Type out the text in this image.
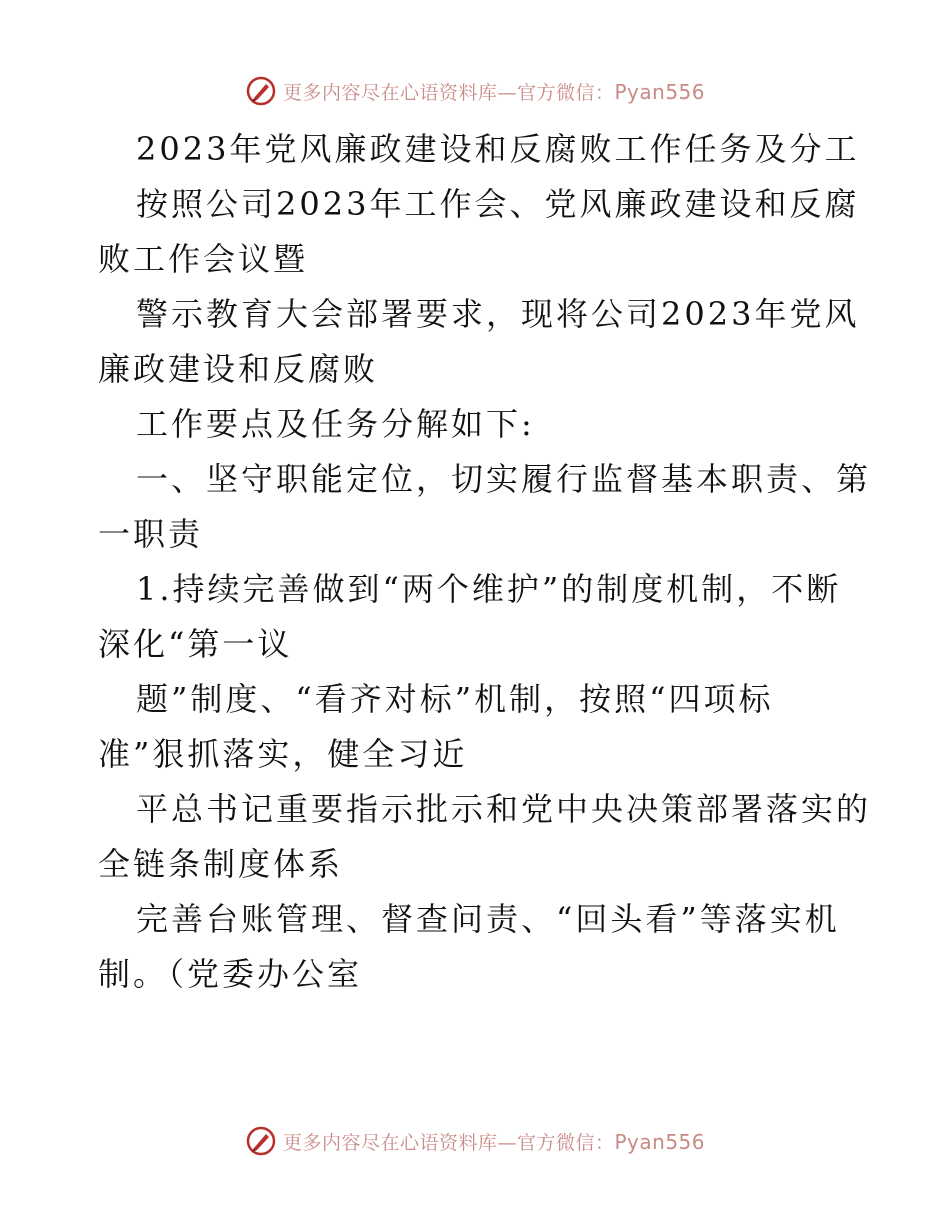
更多内容尽在心语资料库—官方微信：Pyan556
2023年党风廉政建设和反腐败工作任务及分工
按照公司2023年工作会、党风廉政建设和反腐
败工作会议暨
警示教育大会部署要求，现将公司2023年党风
廉政建设和反腐败
工作要点及任务分解如下:
一、坚守职能定位，切实履行监督基本职责、第
一职责
1.持续完善做到“两个维护”的制度机制，不断
深化“第一议
题”制度、“看齐对标”机制，按照“四项标
准”狠抓落实，健全习近
平总书记重要指示批示和党中央决策部署落实的
全链条制度体系
完善台账管理、督查问责、“回头看”等落实机
制。（党委办公室
更多内容尽在心语资料库—官方微信：Pyan556
